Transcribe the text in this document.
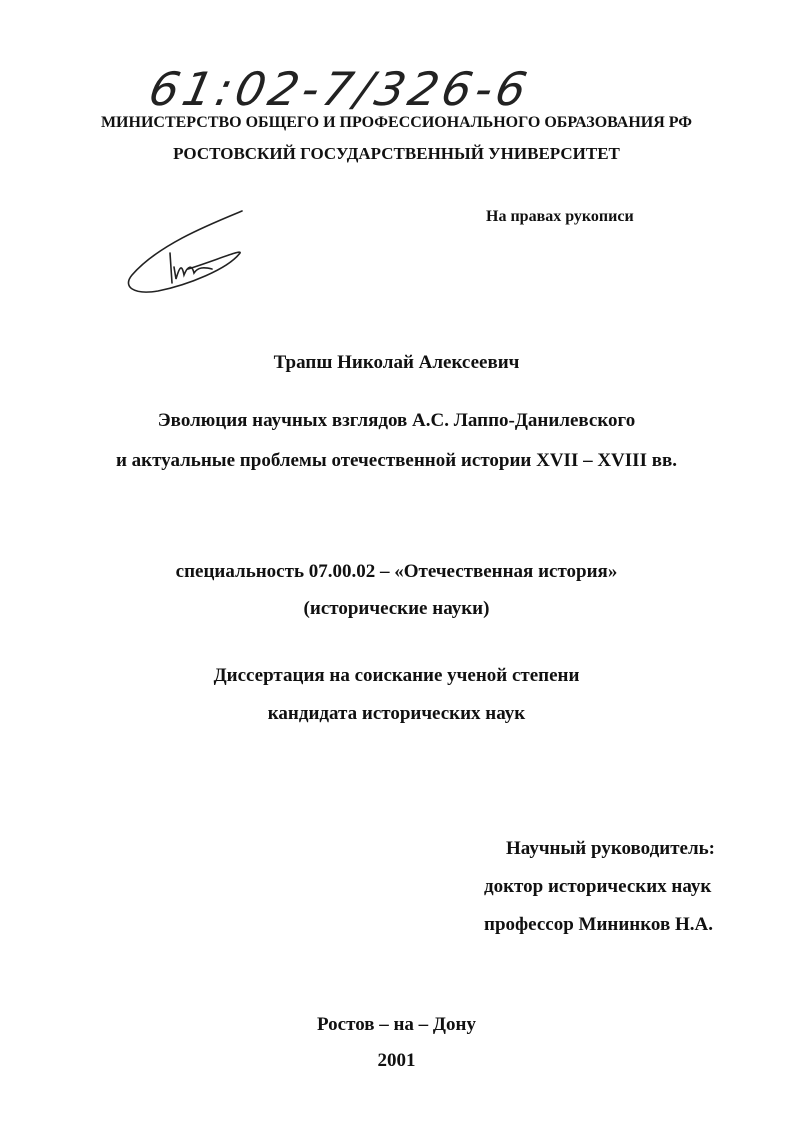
61:02-7/326-6
МИНИСТЕРСТВО ОБЩЕГО И ПРОФЕССИОНАЛЬНОГО ОБРАЗОВАНИЯ РФ
РОСТОВСКИЙ ГОСУДАРСТВЕННЫЙ УНИВЕРСИТЕТ
На правах рукописи
Трапш Николай Алексеевич
Эволюция научных взглядов А.С. Лаппо-Данилевского
и актуальные проблемы отечественной истории XVII – XVIII вв.
специальность 07.00.02 – «Отечественная история»
(исторические науки)
Диссертация на соискание ученой степени
кандидата исторических наук
Научный руководитель:
доктор исторических наук
профессор Мининков Н.А.
Ростов – на – Дону
2001
